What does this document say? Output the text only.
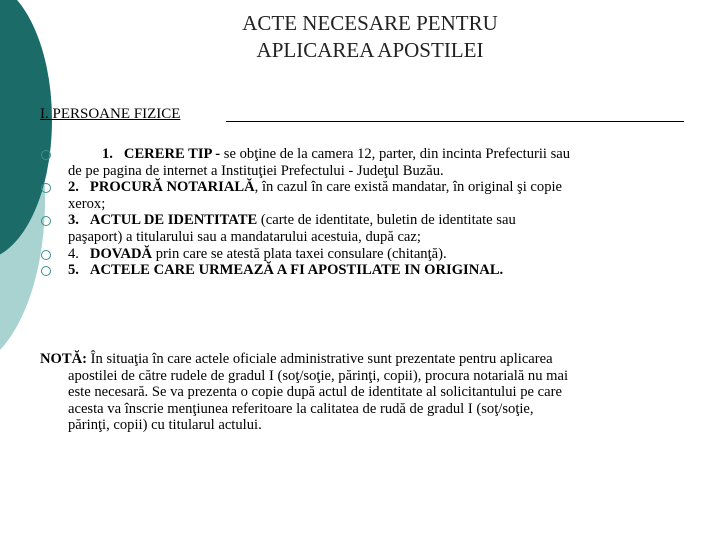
ACTE NECESARE PENTRU
APLICAREA APOSTILEI
I. PERSOANE FIZICE
1. CERERE TIP - se obţine de la camera 12, parter, din incinta Prefecturii sau
de pe pagina de internet a Instituţiei Prefectului - Judeţul Buzău.
2. PROCURĂ NOTARIALĂ, în cazul în care există mandatar, în original şi copie
xerox;
3. ACTUL DE IDENTITATE (carte de identitate, buletin de identitate sau
paşaport) a titularului sau a mandatarului acestuia, după caz;
4. DOVADĂ prin care se atestă plata taxei consulare (chitanţă).
5. ACTELE CARE URMEAZĂ A FI APOSTILATE IN ORIGINAL.
NOTĂ: În situaţia în care actele oficiale administrative sunt prezentate pentru aplicarea
apostilei de către rudele de gradul I (soţ/soţie, părinţi, copii), procura notarială nu mai
este necesară. Se va prezenta o copie după actul de identitate al solicitantului pe care
acesta va înscrie menţiunea referitoare la calitatea de rudă de gradul I (soţ/soţie,
părinţi, copii) cu titularul actului.
